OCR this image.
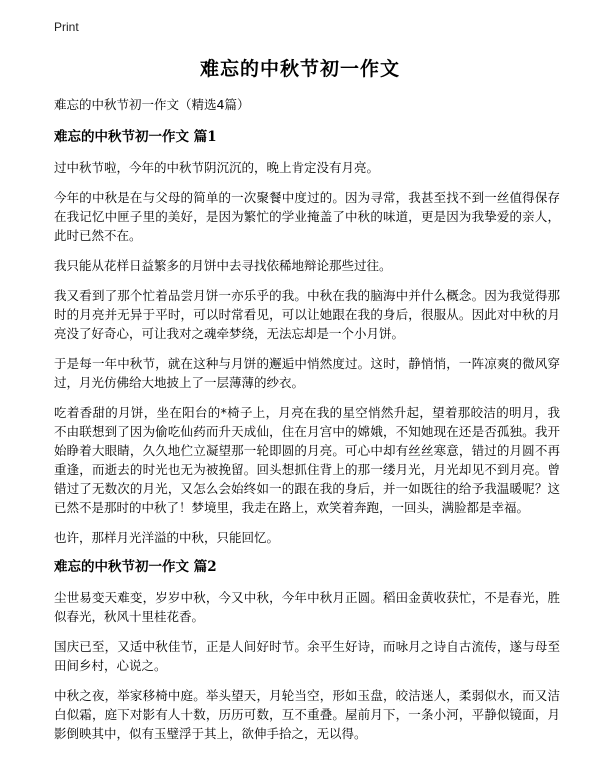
Print
难忘的中秋节初一作文
难忘的中秋节初一作文（精选4篇）
难忘的中秋节初一作文 篇1

过中秋节啦，今年的中秋节阴沉沉的，晚上肯定没有月亮。

今年的中秋是在与父母的简单的一次聚餐中度过的。因为寻常，我甚至找不到一丝值得保存在我记忆中匣子里的美好，是因为繁忙的学业掩盖了中秋的味道，更是因为我挚爱的亲人，此时已然不在。

我只能从花样日益繁多的月饼中去寻找依稀地辩论那些过往。

我又看到了那个忙着品尝月饼一亦乐乎的我。中秋在我的脑海中并什么概念。因为我觉得那时的月亮并无异于平时，可以时常看见，可以让她跟在我的身后，很服从。因此对中秋的月亮没了好奇心，可让我对之魂牵梦绕，无法忘却是一个小月饼。

于是每一年中秋节，就在这种与月饼的邂逅中悄然度过。这时，静悄悄，一阵凉爽的微风穿过，月光仿佛给大地披上了一层薄薄的纱衣。

吃着香甜的月饼，坐在阳台的*椅子上，月亮在我的星空悄然升起，望着那皎洁的明月，我不由联想到了因为偷吃仙药而升天成仙，住在月宫中的嫦娥，不知她现在还是否孤独。我开始睁着大眼睛，久久地伫立凝望那一轮即圆的月亮。可心中却有丝丝寒意，错过的月圆不再重逢，而逝去的时光也无为被挽留。回头想抓住背上的那一缕月光，月光却见不到月亮。曾错过了无数次的月光，又怎么会始终如一的跟在我的身后，并一如既往的给予我温暖呢？这已然不是那时的中秋了！梦境里，我走在路上，欢笑着奔跑，一回头，满脸都是幸福。

也许，那样月光洋溢的中秋，只能回忆。

难忘的中秋节初一作文 篇2

尘世易变天难变，岁岁中秋，今又中秋，今年中秋月正圆。稻田金黄收获忙，不是春光，胜似春光，秋风十里桂花香。

国庆已至，又适中秋佳节，正是人间好时节。余平生好诗，而咏月之诗自古流传，遂与母至田间乡村，心说之。

中秋之夜，举家移椅中庭。举头望天，月轮当空，形如玉盘，皎洁迷人，柔弱似水，而又洁白似霜，庭下对影有人十数，历历可数，互不重叠。屋前月下，一条小河，平静似镜面，月影倒映其中，似有玉璧浮于其上，欲伸手拾之，无以得。
